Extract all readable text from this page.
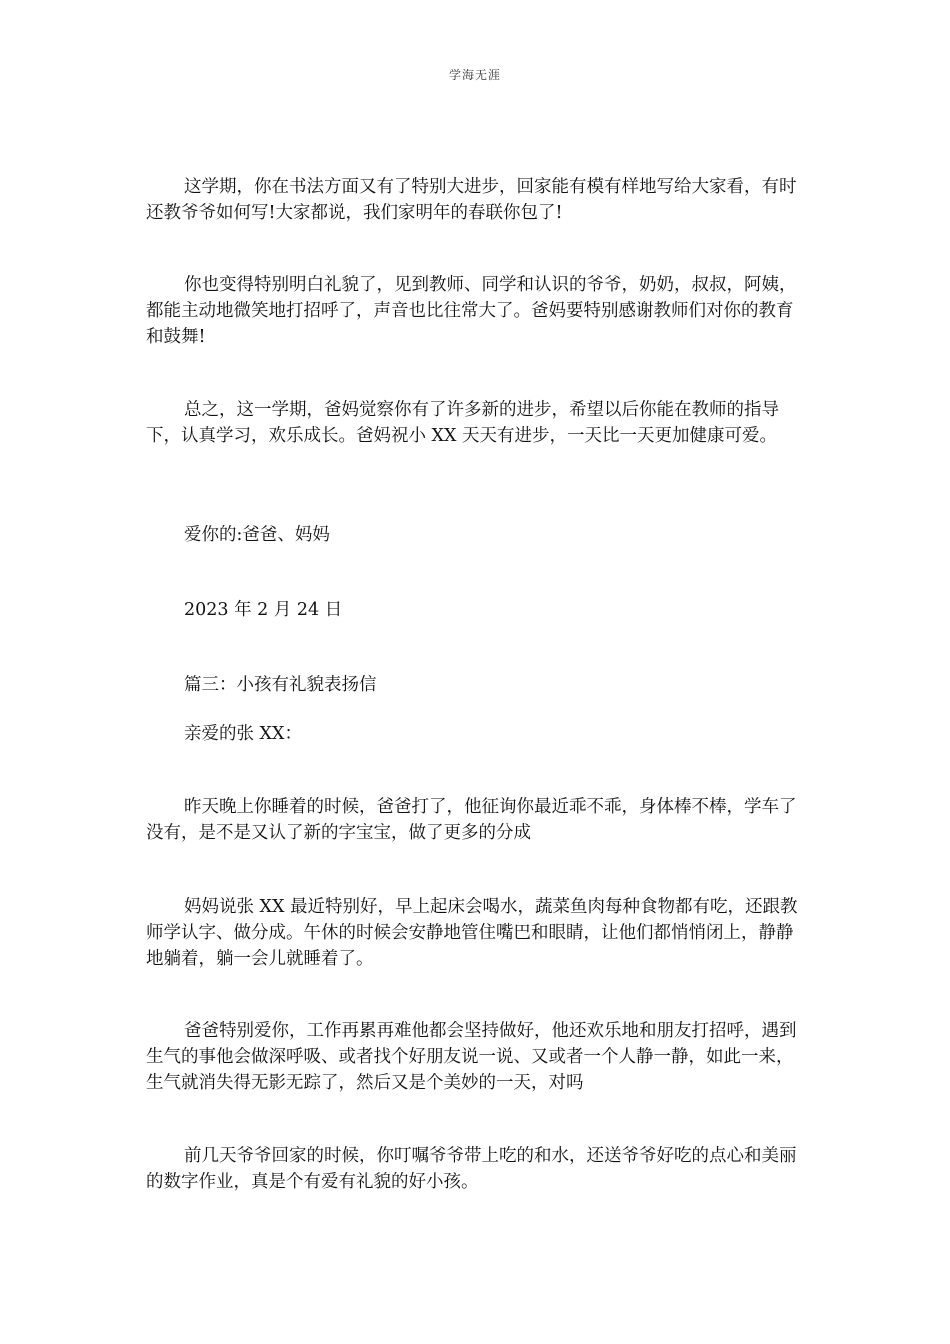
学海无涯

这学期，你在书法方面又有了特别大进步，回家能有模有样地写给大家看，有时还教爷爷如何写!大家都说，我们家明年的春联你包了!

你也变得特别明白礼貌了，见到教师、同学和认识的爷爷，奶奶，叔叔，阿姨，都能主动地微笑地打招呼了，声音也比往常大了。爸妈要特别感谢教师们对你的教育和鼓舞!

总之，这一学期，爸妈觉察你有了许多新的进步，希望以后你能在教师的指导下，认真学习，欢乐成长。爸妈祝小 XX 天天有进步，一天比一天更加健康可爱。

爱你的:爸爸、妈妈

2023 年 2 月 24 日

篇三：小孩有礼貌表扬信

亲爱的张 XX：

昨天晚上你睡着的时候，爸爸打了，他征询你最近乖不乖，身体棒不棒，学车了没有，是不是又认了新的字宝宝，做了更多的分成

妈妈说张 XX 最近特别好，早上起床会喝水，蔬菜鱼肉每种食物都有吃，还跟教师学认字、做分成。午休的时候会安静地管住嘴巴和眼睛，让他们都悄悄闭上，静静地躺着，躺一会儿就睡着了。

爸爸特别爱你，工作再累再难他都会坚持做好，他还欢乐地和朋友打招呼，遇到生气的事他会做深呼吸、或者找个好朋友说一说、又或者一个人静一静，如此一来，生气就消失得无影无踪了，然后又是个美妙的一天，对吗

前几天爷爷回家的时候，你叮嘱爷爷带上吃的和水，还送爷爷好吃的点心和美丽的数字作业，真是个有爱有礼貌的好小孩。
